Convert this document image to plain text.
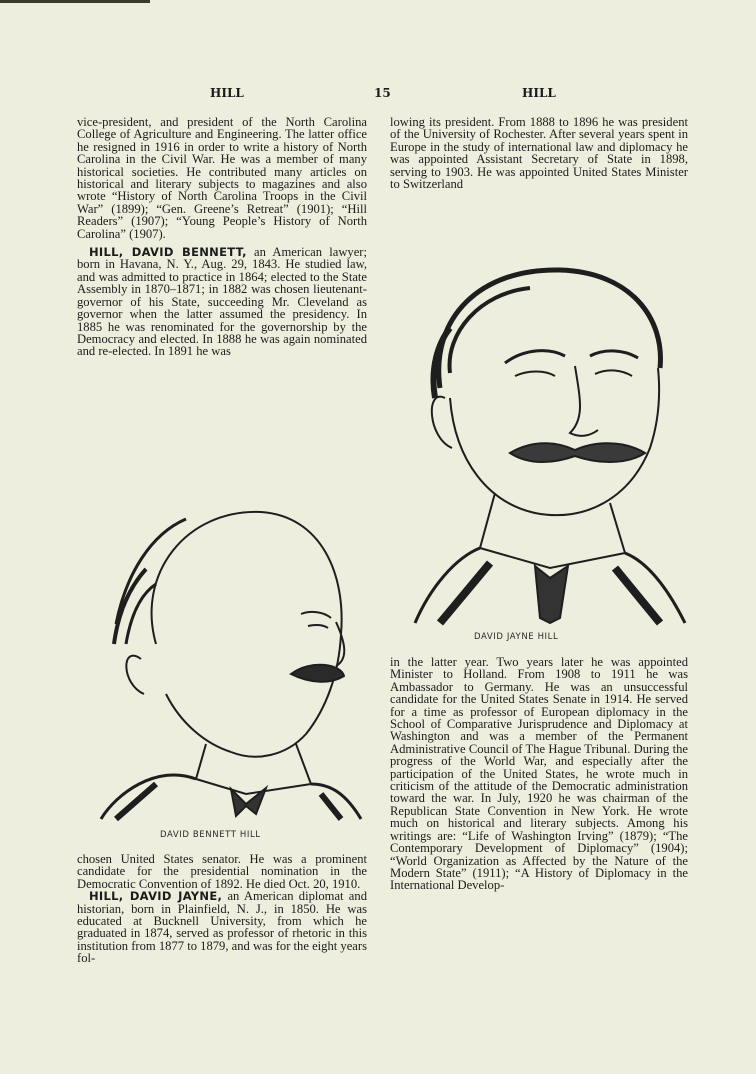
HILL	15	HILL

vice-president, and president of the North Carolina College of Agriculture and Engineering. The latter office he resigned in 1916 in order to write a history of North Carolina in the Civil War. He was a member of many historical societies. He contributed many articles on historical and literary subjects to magazines and also wrote “History of North Carolina Troops in the Civil War” (1899); “Gen. Greene’s Retreat” (1901); “Hill Readers” (1907); “Young People’s History of North Carolina” (1907).

HILL, DAVID BENNETT, an American lawyer; born in Havana, N. Y., Aug. 29, 1843. He studied law, and was admitted to practice in 1864; elected to the State Assembly in 1870–1871; in 1882 was chosen lieutenant-governor of his State, succeeding Mr. Cleveland as governor when the latter assumed the presidency. In 1885 he was renominated for the governorship by the Democracy and elected. In 1888 he was again nominated and re-elected. In 1891 he was

DAVID BENNETT HILL

chosen United States senator. He was a prominent candidate for the presidential nomination in the Democratic Convention of 1892. He died Oct. 20, 1910.

HILL, DAVID JAYNE, an American diplomat and historian, born in Plainfield, N. J., in 1850. He was educated at Bucknell University, from which he graduated in 1874, served as professor of rhetoric in this institution from 1877 to 1879, and was for the eight years fol-

lowing its president. From 1888 to 1896 he was president of the University of Rochester. After several years spent in Europe in the study of international law and diplomacy he was appointed Assistant Secretary of State in 1898, serving to 1903. He was appointed United States Minister to Switzerland

DAVID JAYNE HILL

in the latter year. Two years later he was appointed Minister to Holland. From 1908 to 1911 he was Ambassador to Germany. He was an unsuccessful candidate for the United States Senate in 1914. He served for a time as professor of European diplomacy in the School of Comparative Jurisprudence and Diplomacy at Washington and was a member of the Permanent Administrative Council of The Hague Tribunal. During the progress of the World War, and especially after the participation of the United States, he wrote much in criticism of the attitude of the Democratic administration toward the war. In July, 1920 he was chairman of the Republican State Convention in New York. He wrote much on historical and literary subjects. Among his writings are: “Life of Washington Irving” (1879); “The Contemporary Development of Diplomacy” (1904); “World Organization as Affected by the Nature of the Modern State” (1911); “A History of Diplomacy in the International Develop-
